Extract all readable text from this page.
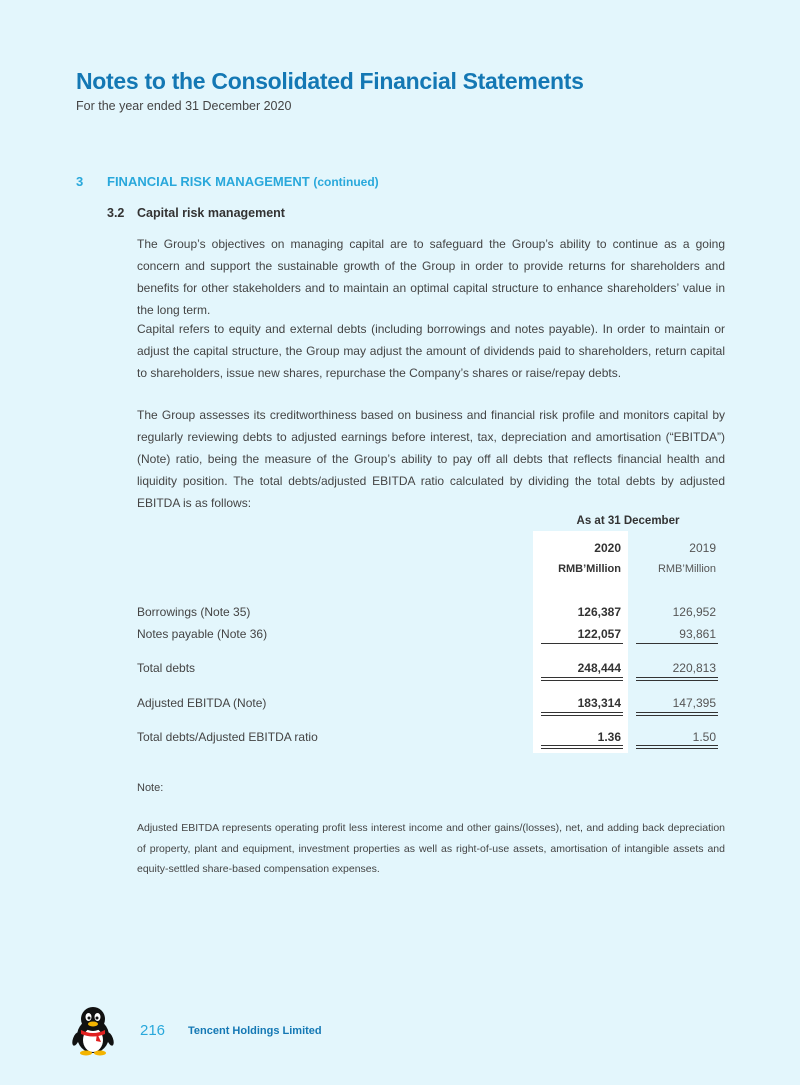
Notes to the Consolidated Financial Statements
For the year ended 31 December 2020
3 FINANCIAL RISK MANAGEMENT (continued)
3.2 Capital risk management

The Group’s objectives on managing capital are to safeguard the Group’s ability to continue as a going concern and support the sustainable growth of the Group in order to provide returns for shareholders and benefits for other stakeholders and to maintain an optimal capital structure to enhance shareholders’ value in the long term.

Capital refers to equity and external debts (including borrowings and notes payable). In order to maintain or adjust the capital structure, the Group may adjust the amount of dividends paid to shareholders, return capital to shareholders, issue new shares, repurchase the Company’s shares or raise/repay debts.

The Group assesses its creditworthiness based on business and financial risk profile and monitors capital by regularly reviewing debts to adjusted earnings before interest, tax, depreciation and amortisation (“EBITDA”) (Note) ratio, being the measure of the Group’s ability to pay off all debts that reflects financial health and liquidity position. The total debts/adjusted EBITDA ratio calculated by dividing the total debts by adjusted EBITDA is as follows:

As at 31 December
2020	2019
RMB’Million	RMB’Million
Borrowings (Note 35)	126,387	126,952
Notes payable (Note 36)	122,057	93,861
Total debts	248,444	220,813
Adjusted EBITDA (Note)	183,314	147,395
Total debts/Adjusted EBITDA ratio	1.36	1.50
Note:

Adjusted EBITDA represents operating profit less interest income and other gains/(losses), net, and adding back depreciation of property, plant and equipment, investment properties as well as right-of-use assets, amortisation of intangible assets and equity-settled share-based compensation expenses.

216 Tencent Holdings Limited
